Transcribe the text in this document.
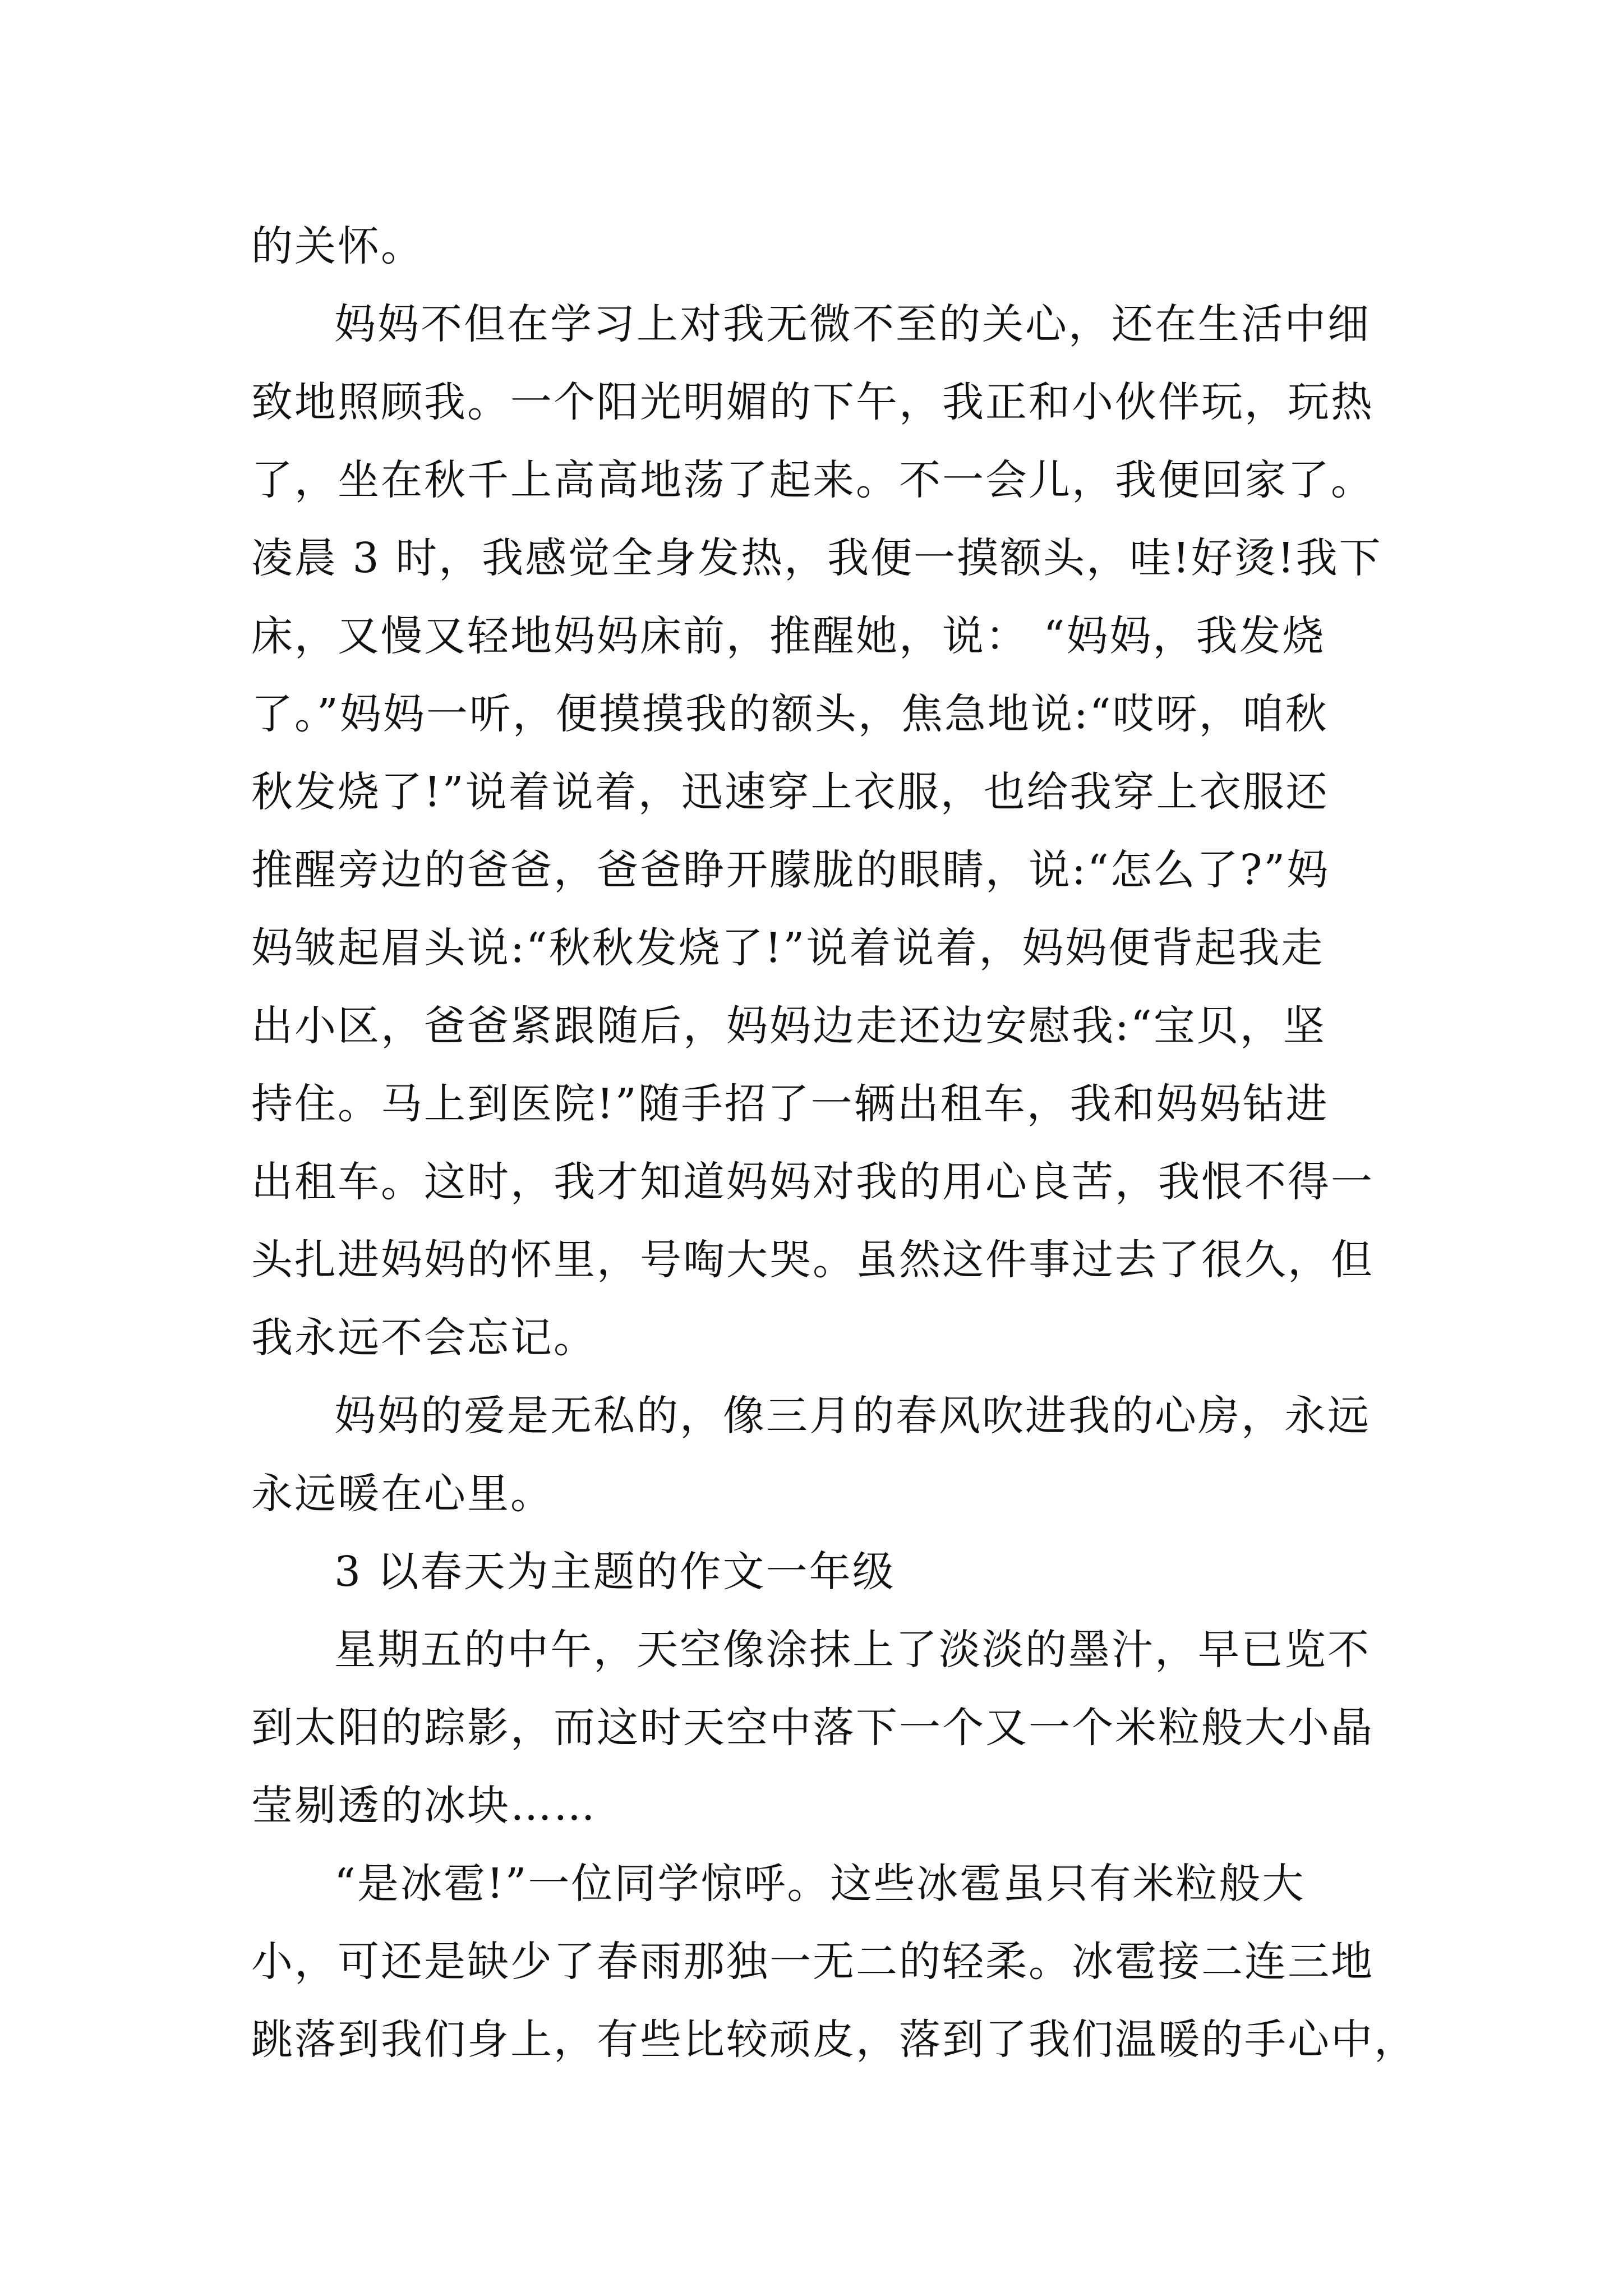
的关怀。
妈妈不但在学习上对我无微不至的关心，还在生活中细
致地照顾我。一个阳光明媚的下午，我正和小伙伴玩，玩热
了，坐在秋千上高高地荡了起来。不一会儿，我便回家了。
凌晨 3 时，我感觉全身发热，我便一摸额头，哇!好烫!我下
床，又慢又轻地妈妈床前，推醒她，说： “妈妈，我发烧
了。”妈妈一听，便摸摸我的额头，焦急地说:“哎呀，咱秋
秋发烧了!”说着说着，迅速穿上衣服，也给我穿上衣服还
推醒旁边的爸爸，爸爸睁开朦胧的眼睛，说:“怎么了?”妈
妈皱起眉头说:“秋秋发烧了!”说着说着，妈妈便背起我走
出小区，爸爸紧跟随后，妈妈边走还边安慰我:“宝贝，坚
持住。马上到医院!”随手招了一辆出租车，我和妈妈钻进
出租车。这时，我才知道妈妈对我的用心良苦，我恨不得一
头扎进妈妈的怀里，号啕大哭。虽然这件事过去了很久，但
我永远不会忘记。
妈妈的爱是无私的，像三月的春风吹进我的心房，永远
永远暖在心里。
3 以春天为主题的作文一年级
星期五的中午，天空像涂抹上了淡淡的墨汁，早已览不
到太阳的踪影，而这时天空中落下一个又一个米粒般大小晶
莹剔透的冰块……
“是冰雹!”一位同学惊呼。这些冰雹虽只有米粒般大
小，可还是缺少了春雨那独一无二的轻柔。冰雹接二连三地
跳落到我们身上，有些比较顽皮，落到了我们温暖的手心中，
